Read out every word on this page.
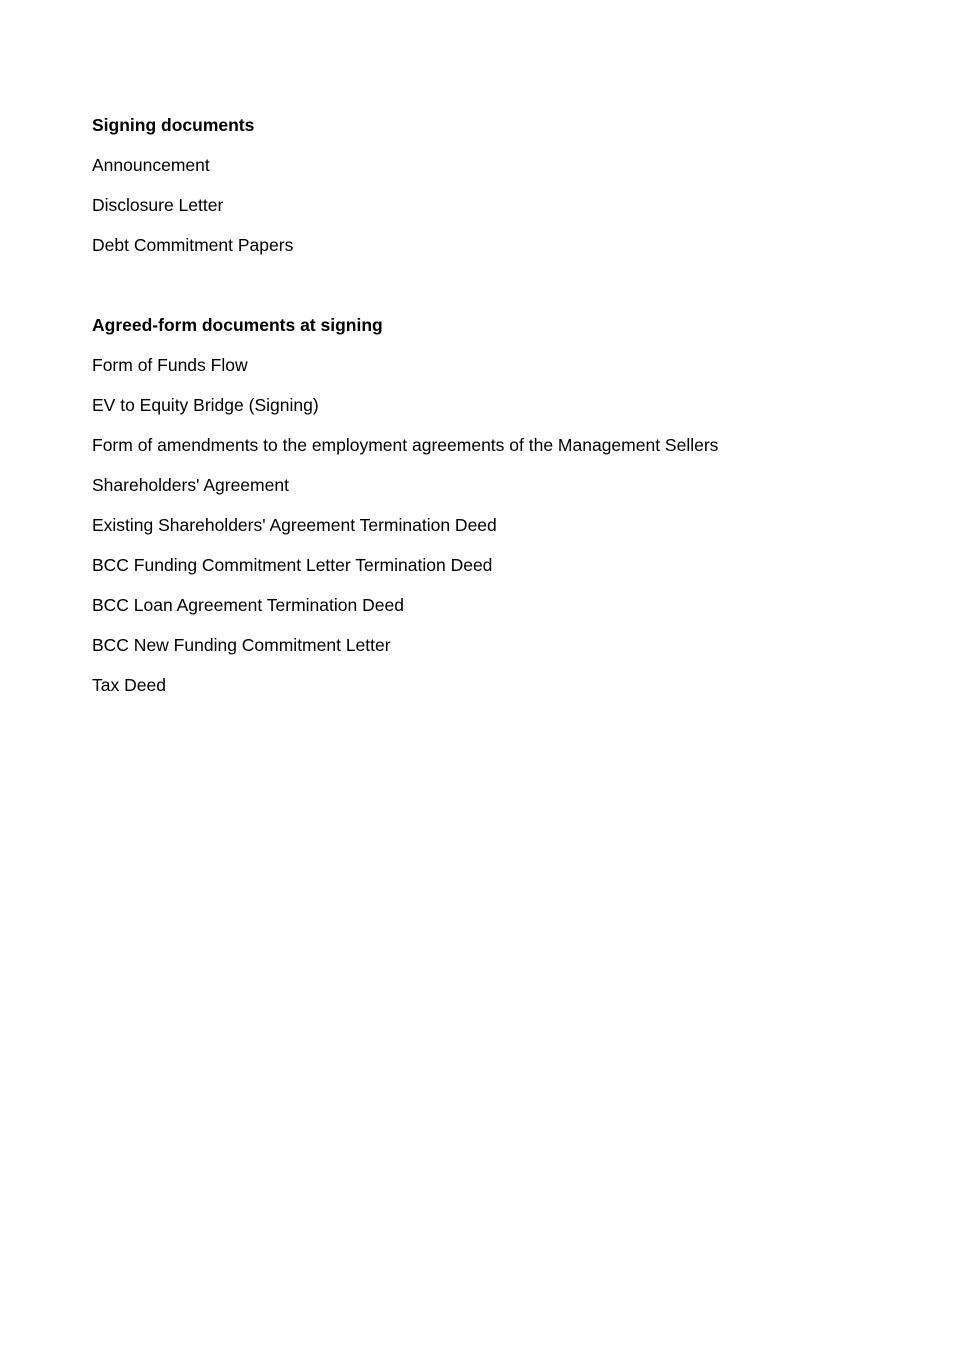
Signing documents
Announcement
Disclosure Letter
Debt Commitment Papers
Agreed-form documents at signing
Form of Funds Flow
EV to Equity Bridge (Signing)
Form of amendments to the employment agreements of the Management Sellers
Shareholders' Agreement
Existing Shareholders' Agreement Termination Deed
BCC Funding Commitment Letter Termination Deed
BCC Loan Agreement Termination Deed
BCC New Funding Commitment Letter
Tax Deed
